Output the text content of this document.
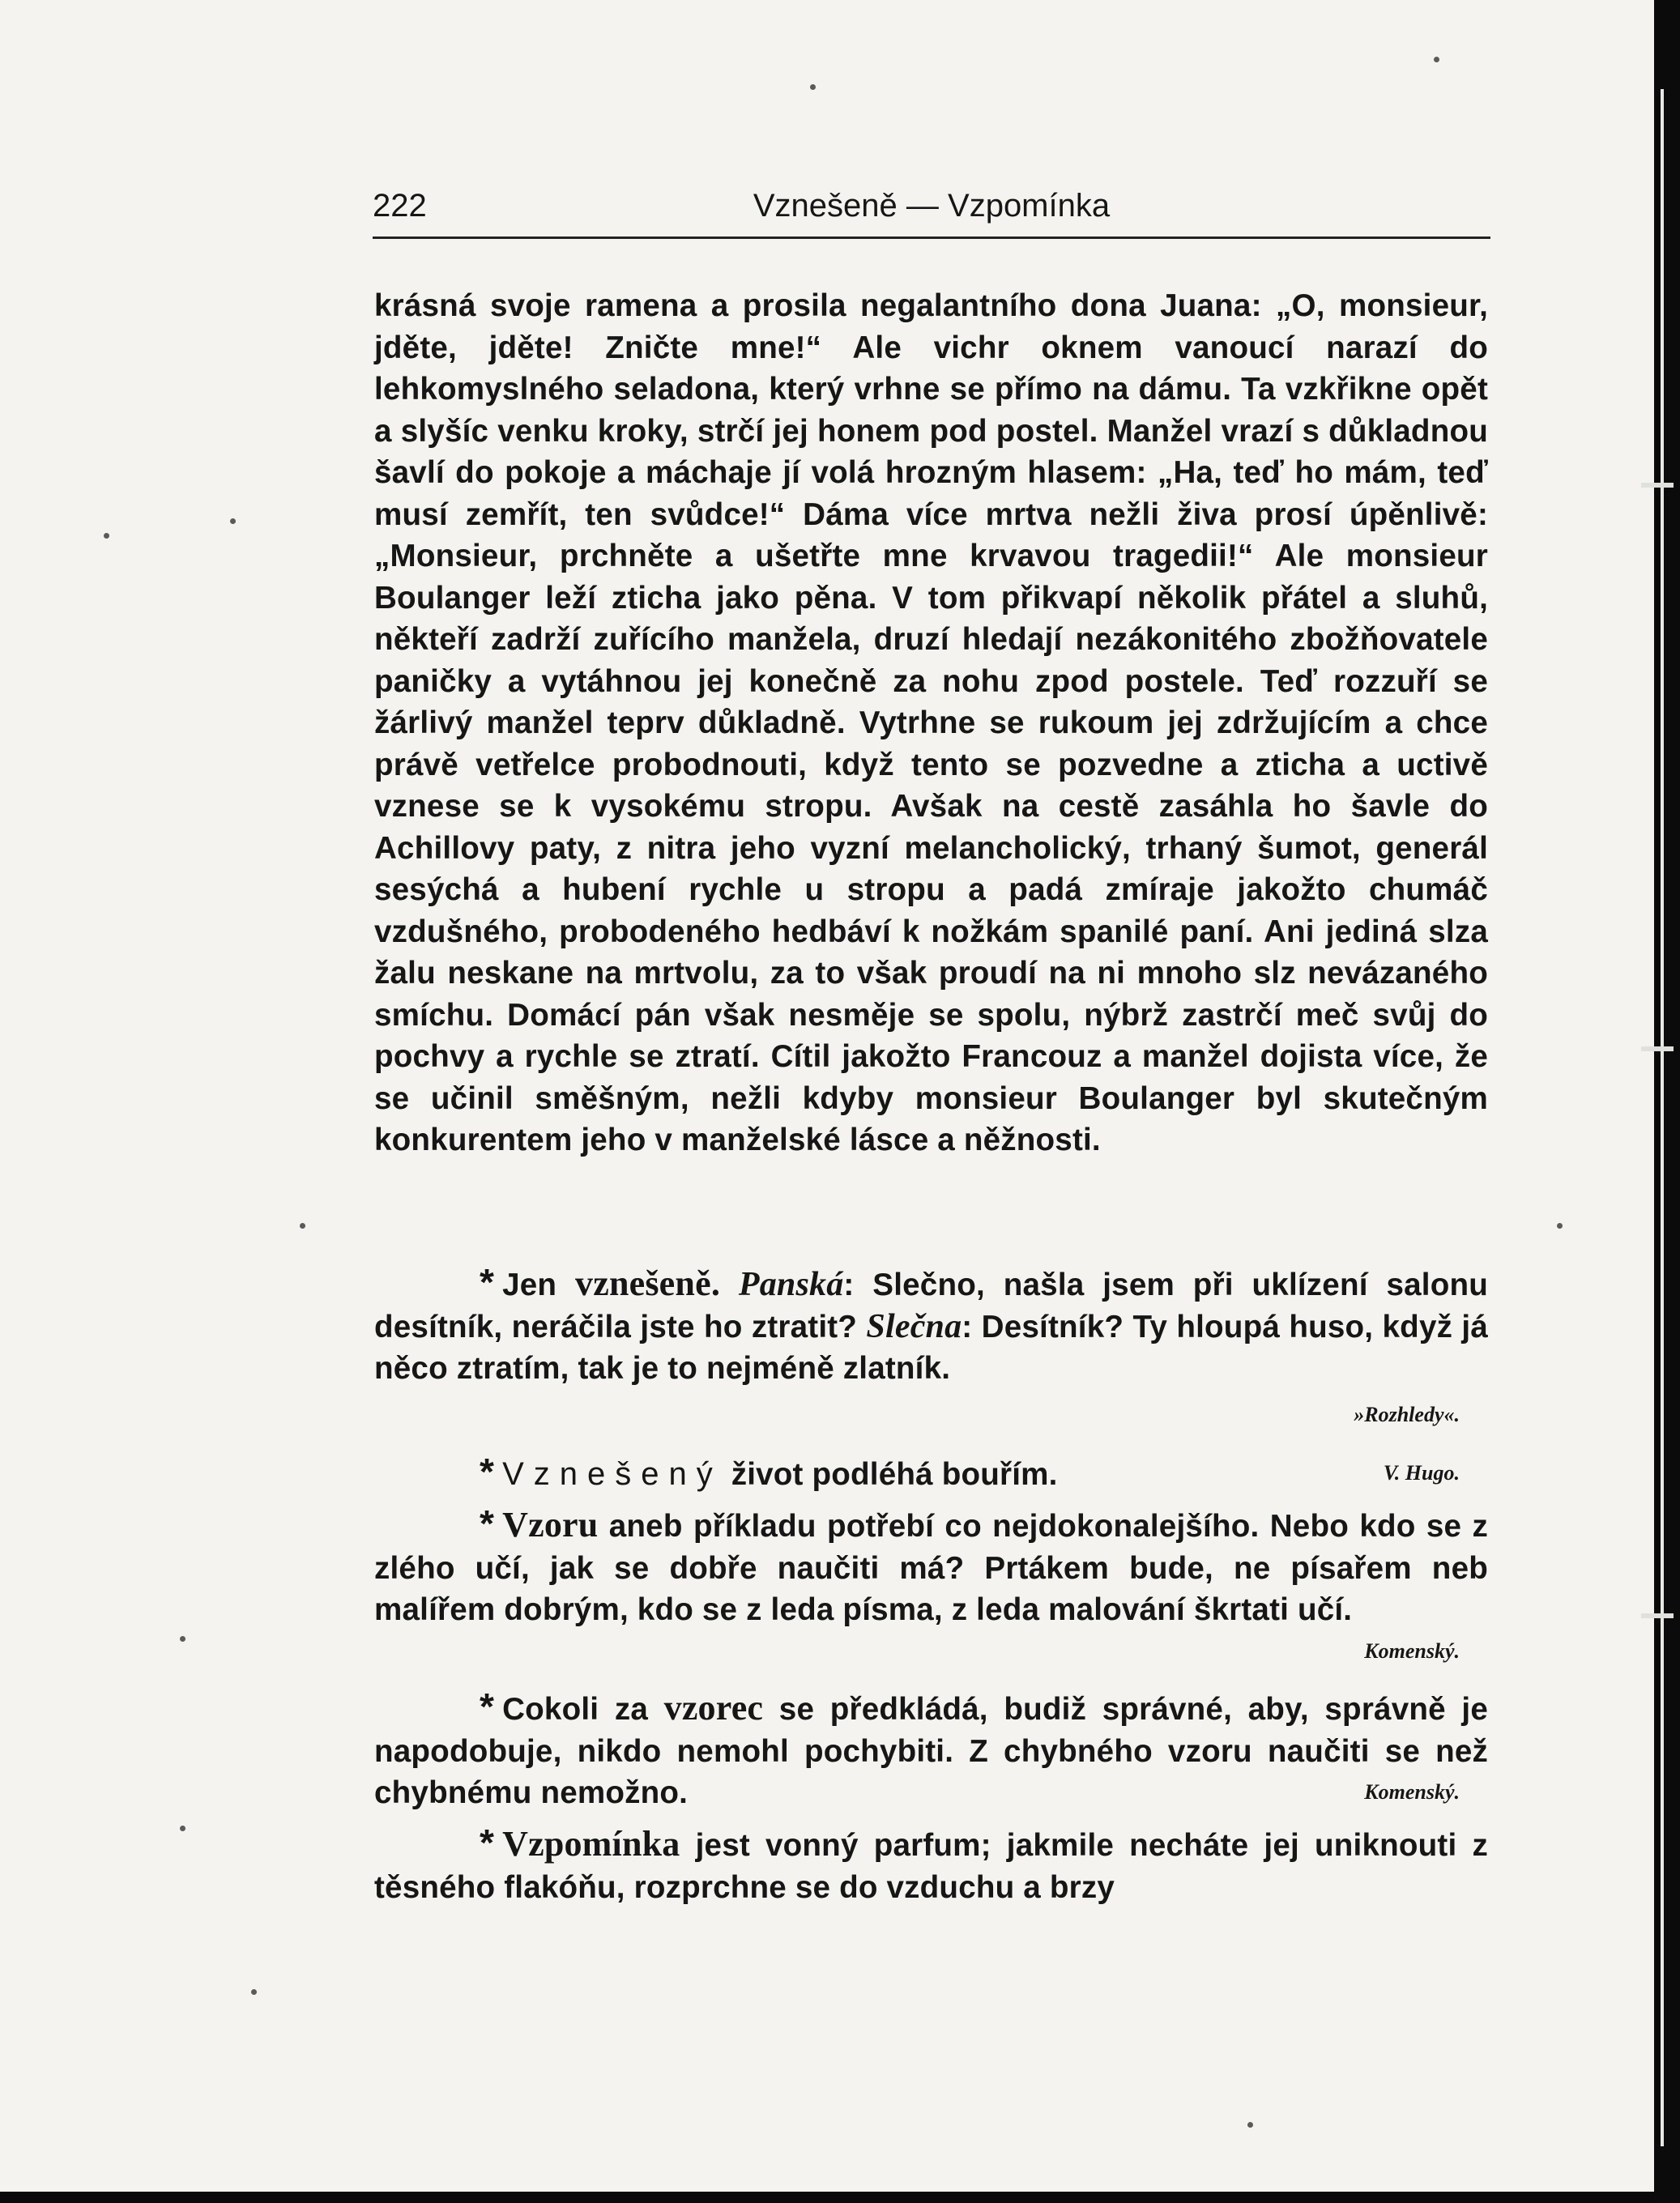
222	Vznešeně — Vzpomínka

krásná svoje ramena a prosila negalantního dona Juana: „O, monsieur, jděte, jděte! Zničte mne!“ Ale vichr oknem vanoucí narazí do lehkomyslného seladona, který vrhne se přímo na dámu. Ta vzkřikne opět a slyšíc venku kroky, strčí jej honem pod postel. Manžel vrazí s důkladnou šavlí do pokoje a máchaje jí volá hrozným hlasem: „Ha, teď ho mám, teď musí zemřít, ten svůdce!“ Dáma více mrtva nežli živa prosí úpěnlivě: „Monsieur, prchněte a ušetřte mne krvavou tragedii!“ Ale monsieur Boulanger leží zticha jako pěna. V tom přikvapí několik přátel a sluhů, někteří zadrží zuřícího manžela, druzí hledají nezákonitého zbožňovatele paničky a vytáhnou jej konečně za nohu zpod postele. Teď rozzuří se žárlivý manžel teprv důkladně. Vytrhne se rukoum jej zdržujícím a chce právě vetřelce probodnouti, když tento se pozvedne a zticha a uctivě vznese se k vysokému stropu. Avšak na cestě zasáhla ho šavle do Achillovy paty, z nitra jeho vyzní melancholický, trhaný šumot, generál sesýchá a hubení rychle u stropu a padá zmíraje jakožto chumáč vzdušného, probodeného hedbáví k nožkám spanilé paní. Ani jediná slza žalu neskane na mrtvolu, za to však proudí na ni mnoho slz nevázaného smíchu. Domácí pán však nesměje se spolu, nýbrž zastrčí meč svůj do pochvy a rychle se ztratí. Cítil jakožto Francouz a manžel dojista více, že se učinil směšným, nežli kdyby monsieur Boulanger byl skutečným konkurentem jeho v manželské lásce a něžnosti.

* Jen vznešeně. Panská: Slečno, našla jsem při uklízení salonu desítník, neráčila jste ho ztratit? Slečna: Desítník? Ty hloupá huso, když já něco ztratím, tak je to nejméně zlatník.

»Rozhledy«.

* Vznešený život podléhá bouřím.	V. Hugo.

* Vzoru aneb příkladu potřebí co nejdokonalejšího. Nebo kdo se z zlého učí, jak se dobře naučiti má? Prtákem bude, ne písařem neb malířem dobrým, kdo se z leda písma, z leda malování škrtati učí.

Komenský.

* Cokoli za vzorec se předkládá, budiž správné, aby, správně je napodobuje, nikdo nemohl pochybiti. Z chybného vzoru naučiti se než chybnému nemožno.	Komenský.

* Vzpomínka jest vonný parfum; jakmile necháte jej uniknouti z těsného flakóňu, rozprchne se do vzduchu a brzy
